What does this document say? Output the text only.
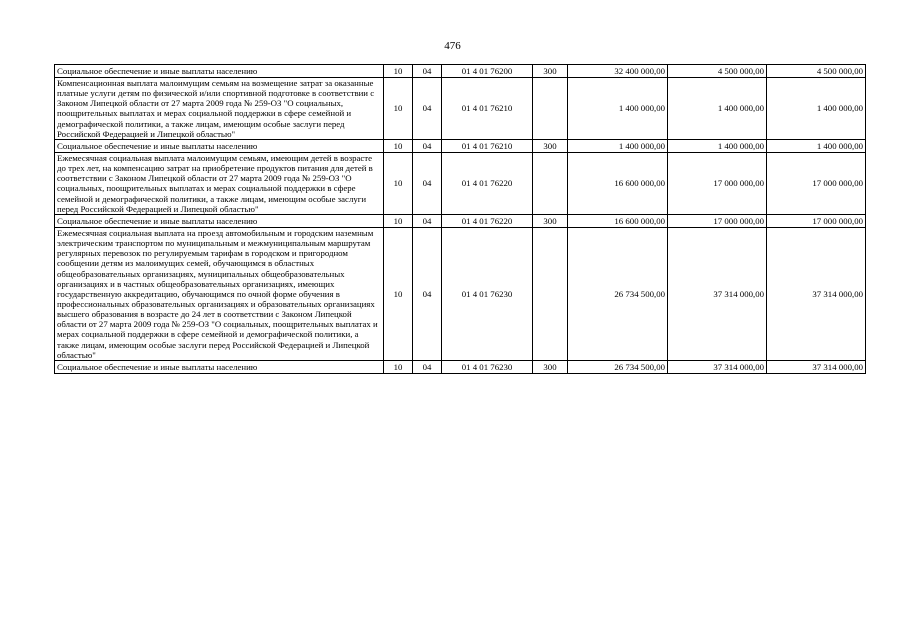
476
Социальное обеспечение и иные выплаты населению	10	04	01 4 01 76200	300	32 400 000,00	4 500 000,00	4 500 000,00
Компенсационная выплата малоимущим семьям на возмещение затрат за оказанные платные услуги детям по физической и/или спортивной подготовке в соответствии с Законом Липецкой области от 27 марта 2009 года № 259-ОЗ "О социальных, поощрительных выплатах и мерах социальной поддержки в сфере семейной и демографической политики, а также лицам, имеющим особые заслуги перед Российской Федерацией и Липецкой областью"	10	04	01 4 01 76210		1 400 000,00	1 400 000,00	1 400 000,00
Социальное обеспечение и иные выплаты населению	10	04	01 4 01 76210	300	1 400 000,00	1 400 000,00	1 400 000,00
Ежемесячная социальная выплата малоимущим семьям, имеющим детей в возрасте до трех лет, на компенсацию затрат на приобретение продуктов питания для детей в соответствии с Законом Липецкой области от 27 марта 2009 года № 259-ОЗ "О социальных, поощрительных выплатах и мерах социальной поддержки в сфере семейной и демографической политики, а также лицам, имеющим особые заслуги перед Российской Федерацией и Липецкой областью"	10	04	01 4 01 76220		16 600 000,00	17 000 000,00	17 000 000,00
Социальное обеспечение и иные выплаты населению	10	04	01 4 01 76220	300	16 600 000,00	17 000 000,00	17 000 000,00
Ежемесячная социальная выплата на проезд автомобильным и городским наземным электрическим транспортом по муниципальным и межмуниципальным маршрутам регулярных перевозок по регулируемым тарифам в городском и пригородном сообщении детям из малоимущих семей, обучающимся в областных общеобразовательных организациях, муниципальных общеобразовательных организациях и в частных общеобразовательных организациях, имеющих государственную аккредитацию, обучающимся по очной форме обучения в профессиональных образовательных организациях и образовательных организациях высшего образования в возрасте до 24 лет в соответствии с Законом Липецкой области от 27 марта 2009 года № 259-ОЗ "О социальных, поощрительных выплатах и мерах социальной поддержки в сфере семейной и демографической политики, а также лицам, имеющим особые заслуги перед Российской Федерацией и Липецкой областью"	10	04	01 4 01 76230		26 734 500,00	37 314 000,00	37 314 000,00
Социальное обеспечение и иные выплаты населению	10	04	01 4 01 76230	300	26 734 500,00	37 314 000,00	37 314 000,00
